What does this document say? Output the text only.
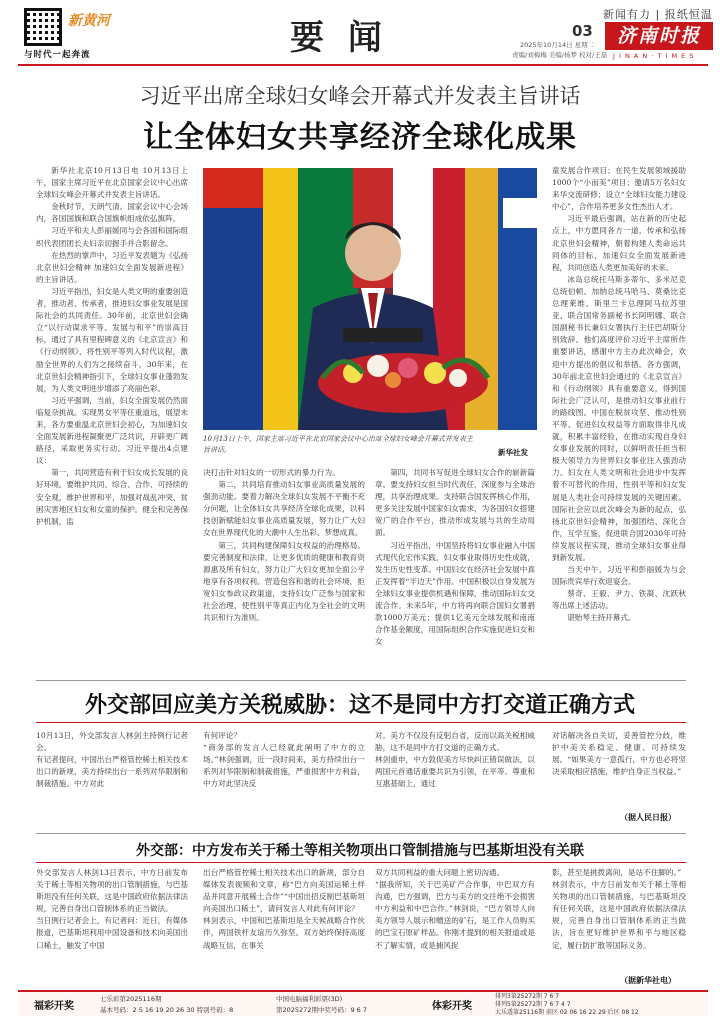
新黄河
与时代一起奔流	要 闻	03
新闻有力 | 报纸恒温
2025年10月14日 星期二
责编/刘梅梅 美编/杨梦 校对/王磊
济南时报
J I N A N · T I M E S
习近平出席全球妇女峰会开幕式并发表主旨讲话
让全体妇女共享经济全球化成果

新华社北京10月13日电 10月13日上午，国家主席习近平在北京国家会议中心出席全球妇女峰会开幕式并发表主旨讲话。

金秋时节，天朗气清。国家会议中心会场内，各国国旗和联合国旗帜组成依弘旗阵。

习近平和夫人彭丽媛同与会各国和国际组织代表团团长夫妇亲切握手并合影留念。

在热烈的掌声中，习近平发表题为《弘扬北京世妇会精神 加速妇女全面发展新进程》的主旨讲话。

习近平指出，妇女是人类文明的重要创造者，推动者、传承者，推进妇女事业发展是国际社会的共同责任。30年前，北京世妇会确立“以行动谋求平等、发展与和平”的崇高目标，通过了具有里程碑意义的《北京宣言》和《行动纲领》，将性别平等列入时代议程，激励全世界的人们为之接续奋斗。30年来，在北京世妇会精神指引下，全球妇女事业蓬勃发展，为人类文明进步增添了亮丽色彩。

习近平强调，当前，妇女全面发展仍然面临复杂挑战。实现男女平等任重道远，展望未来，各方要重温北京世妇会初心，为加速妇女全面发展新进程凝聚更广泛共识，开辟更广阔路径，采取更务实行动。习近平提出4点建议：

第一，共同营造有利于妇女成长发展的良好环境。要维护共同、综合、合作、可持续的安全观，维护世界和平，加强对战乱冲突、贫困灾害地区妇女和女童的保护。健全和完善保护机制，监

10月13日上午，国家主席习近平在北京国家会议中心出席全球妇女峰会开幕式并发表主旨讲话。	新华社发

决打击针对妇女的一切形式的暴力行为。

第二，共同培育推动妇女事业高质量发展的强劲动能。要着力解决全球妇女发展不平衡不充分问题，让全体妇女共享经济全球化成果，以科技创新赋能妇女事业高质量发展，努力让广大妇女在世界现代化的大潮中人生出彩、梦想成真。

第三，共同构建保障妇女权益的治理格局。要完善制度和法律，让更多优质的健康和教育资源惠及所有妇女，努力让广大妇女更加全面公平地享有各项权利。营造包容和谐的社会环境，拒宽妇女参政议政渠道，支持妇女广泛参与国家和社会治理，使性别平等真正内化为全社会的文明共识和行为准则。

第四，共同书写促进全球妇女合作的崭新篇章。要支持妇女担当时代责任，深度参与全球治理，共享治理成果。支持联合国发挥核心作用，更多关注发展中国家妇女需求，为各国妇女搭建宽广的合作平台，推动形成发展与共的生动局面。

习近平指出，中国坚持将妇女事业融入中国式现代化宏伟实践，妇女事业取得历史性成就，发生历史性变革。中国妇女在经济社会发展中真正发挥着“半边天”作用。中国积极以自身发展为全球妇女事业提供机遇和保障，推动国际妇女交流合作。未来5年，中方将再向联合国妇女署捐款1000万美元；提供1亿美元全球发展和南南合作基金额度，用国际组织合作实施促进妇女和女

童发展合作项目；在民生发展领域援助1000个“小而美”项目；邀请5万名妇女来华交流研修；设立“全球妇女能力建设中心”，合作培养更多女性杰出人才。

习近平最后强调，站在新的历史起点上，中方愿同各方一道，传承和弘扬北京世妇会精神，朝着构建人类命运共同体的目标，加速妇女全面发展新进程，共同创造人类更加美好的未来。

冰岛总统托马斯多蒂尔、多米尼克总统伯顿、加纳总统马哈马、莫桑比克总理莱维、斯里兰卡总理阿马拉苏里亚、联合国常务副秘书长阿明娜、联合国副秘书长兼妇女署执行主任巴胡斯分别致辞。他们高度评价习近平主席所作重要讲话，感谢中方主办此次峰会，欢迎中方提出的倡议和举措。各方强调，30年前北京世妇会通过的《北京宣言》和《行动纲领》具有重要意义，得到国际社会广泛认可，是推动妇女事业前行的路线图。中国在脱贫攻坚、推动性别平等、促进妇女权益等方面取得非凡成就，积累丰富经验，在推动实现自身妇女事业发展的同时，以鲜明责任担当积极大领导力为世界妇女事业注入强劲动力。妇女在人类文明和社会进步中发挥着不可替代的作用，性别平等和妇女发展是人类社会可持续发展的关键因素。国际社会应以此次峰会为新的起点，弘扬北京世妇会精神，加强团结、深化合作，互学互鉴，促进联合国2030年可持续发展议程实现，推动全球妇女事业得到新发展。

当天中午，习近平和彭丽媛为与会国际贵宾举行欢迎宴会。

蔡奇、王毅、尹力、铁凝、沈跃秋等出席上述活动。

谌贻琴主持开幕式。

外交部回应美方关税威胁：这不是同中方打交道正确方式
10月13日，外交部发言人林剑主持例行记者会。
有记者提问，中国出台严格管控稀土相关技术出口的新规，美方持续出台一系列对华限制和制裁措施。中方对此
有何评论？
“商务部的发言人已经就此阐明了中方的立场。”林剑强调，近一段时间来，美方持续出台一系列对华限制和制裁措施，严重损害中方利益，中方对此坚决反
对。美方不仅没有反躬自省，反而以高关税相威胁，这不是同中方打交道的正确方式。
林剑重申，中方敦促美方尽快纠正错误做法，以两国元首通话重要共识为引领，在平等、尊重和互惠基础上，通过
对话解决各自关切，妥善管控分歧，维护中美关系稳定、健康、可持续发展。“如果美方一意孤行，中方也必将坚决采取相应措施，维护自身正当权益。”
（据人民日报）
外交部：中方发布关于稀土等相关物项出口管制措施与巴基斯坦没有关联
外交部发言人林剑13日表示，中方日前发布关于稀土等相关物项的出口管制措施，与巴基斯坦没有任何关联，这是中国政府依据法律法规，完善自身出口管制体系的正当做法。
当日例行记者会上，有记者问：近日，有媒体报道，巴基斯坦利用中国设备和技术向美国出口稀土，触发了中国
出台严格管控稀土相关技术出口的新规，部分自媒体发表视频和文章，称“巴方向美国运稀土样品并同意开展稀土合作”“中国出招反制巴基斯坦向美国出口稀土”，请问发言人对此有何评论？
林剑表示，中国和巴基斯坦是全天候战略合作伙伴，两国铁杆友谊历久弥坚。双方始终保持高度战略互信，在事关
双方共同利益的重大问题上密切沟通。
“据我所知，关于巴美矿产合作事，中巴双方有沟通，巴方强调，巴方与美方的交往绝不会损害中方利益和中巴合作。”林剑说，“巴方领导人向美方领导人展示和赠送的矿石，是工作人员购买的巴宝石原矿样品。你刚才提到的相关报道或是不了解实情，或是捕风捉
影，甚至是挑拨离间，是站不住脚的。”
林剑表示，中方日前发布关于稀土等相关物项的出口管制措施，与巴基斯坦没有任何关联，这是中国政府依据法律法规，完善自身出口管制体系的正当做法，旨在更好维护世界和平与地区稳定，履行防扩散等国际义务。
（据新华社电）
福彩开奖
七乐彩第2025116期
基本号码：2 5 16 19 20 26 30 特别号码：8
中国电脑福利彩票(3D)
第2025272期中奖号码：9 6 7	体彩开奖
排列3第25272期 7 6 7
排列5第25272期 7 6 7 4 7
大乐透第25116期 前区 02 06 16 22 29 后区 08 12
